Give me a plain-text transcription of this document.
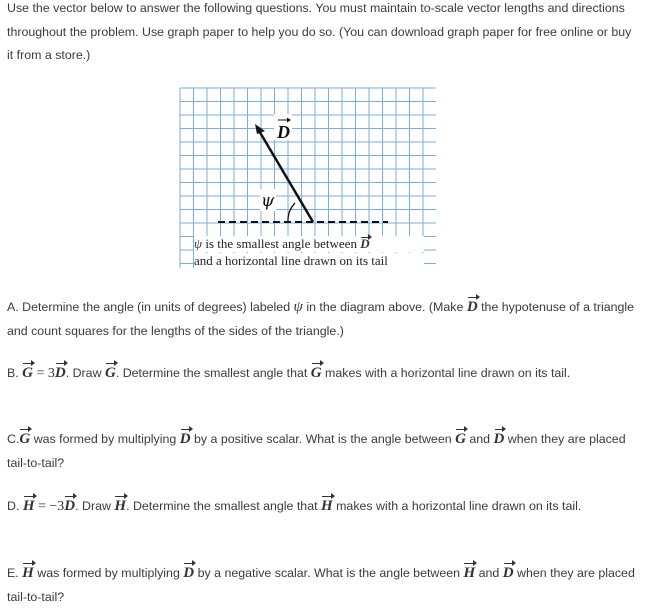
Use the vector below to answer the following questions. You must maintain to-scale vector lengths and directions throughout the problem. Use graph paper to help you do so. (You can download graph paper for free online or buy it from a store.)

D
ψ
ψ is the smallest angle between D
and a horizontal line drawn on its tail

A. Determine the angle (in units of degrees) labeled ψ in the diagram above. (Make D the hypotenuse of a triangle and count squares for the lengths of the sides of the triangle.)

B. G = 3D. Draw G. Determine the smallest angle that G makes with a horizontal line drawn on its tail.

C.G was formed by multiplying D by a positive scalar. What is the angle between G and D when they are placed tail-to-tail?

D. H = −3D. Draw H. Determine the smallest angle that H makes with a horizontal line drawn on its tail.

E. H was formed by multiplying D by a negative scalar. What is the angle between H and D when they are placed tail-to-tail?
